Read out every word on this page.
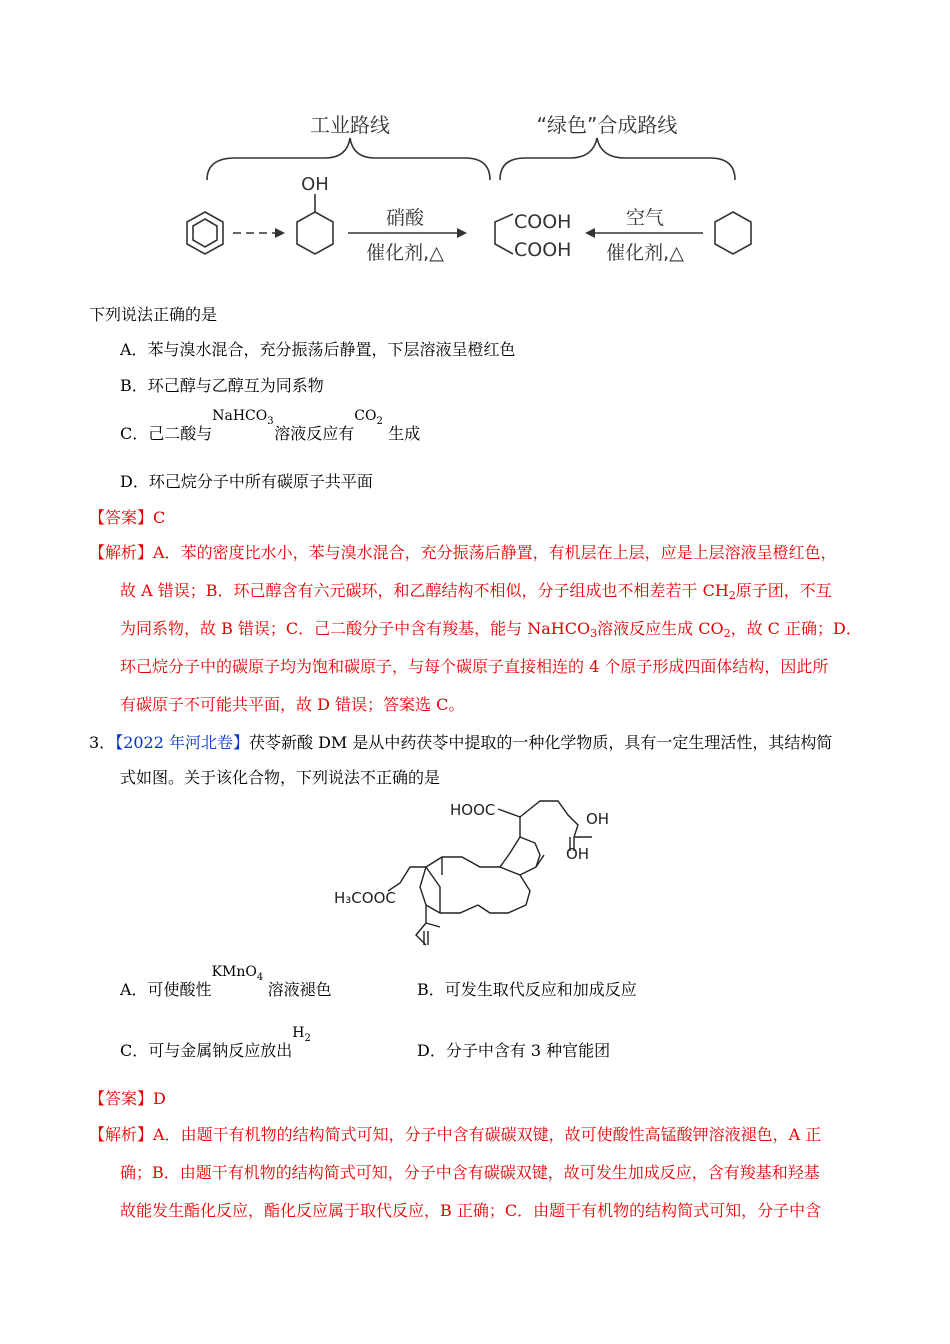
工业路线	“绿色”合成路线
OH
硝酸
催化剂,△
COOH
COOH
空气
催化剂,△
下列说法正确的是
A．苯与溴水混合，充分振荡后静置，下层溶液呈橙红色
B．环己醇与乙醇互为同系物
C．己二酸与
NaHCO$_3$
溶液反应有
$CO_2$
生成
D．环己烷分子中所有碳原子共平面
【答案】C
【解析】A．苯的密度比水小，苯与溴水混合，充分振荡后静置，有机层在上层，应是上层溶液呈橙红色，
故 A 错误；B．环己醇含有六元碳环，和乙醇结构不相似，分子组成也不相差若干 $CH_2$原子团，不互
为同系物，故 B 错误；C．己二酸分子中含有羧基，能与 NaHCO$_3$溶液反应生成 $CO_2$，故 C 正确；D．
环己烷分子中的碳原子均为饱和碳原子，与每个碳原子直接相连的 4 个原子形成四面体结构，因此所
有碳原子不可能共平面，故 D 错误；答案选 C。
3．【2022 年河北卷】茯苓新酸 DM 是从中药茯苓中提取的一种化学物质，具有一定生理活性，其结构简
式如图。关于该化合物，下列说法不正确的是
HOOC	OH
OH
H₃COOC
A．可使酸性
KMnO$_4$
溶液褪色	B．可发生取代反应和加成反应
C．可与金属钠反应放出
$H_2$
D．分子中含有 3 种官能团
【答案】D
【解析】A．由题干有机物的结构简式可知，分子中含有碳碳双键，故可使酸性高锰酸钾溶液褪色，A 正
确；B．由题干有机物的结构简式可知，分子中含有碳碳双键，故可发生加成反应，含有羧基和羟基
故能发生酯化反应，酯化反应属于取代反应，B 正确；C．由题干有机物的结构简式可知，分子中含
